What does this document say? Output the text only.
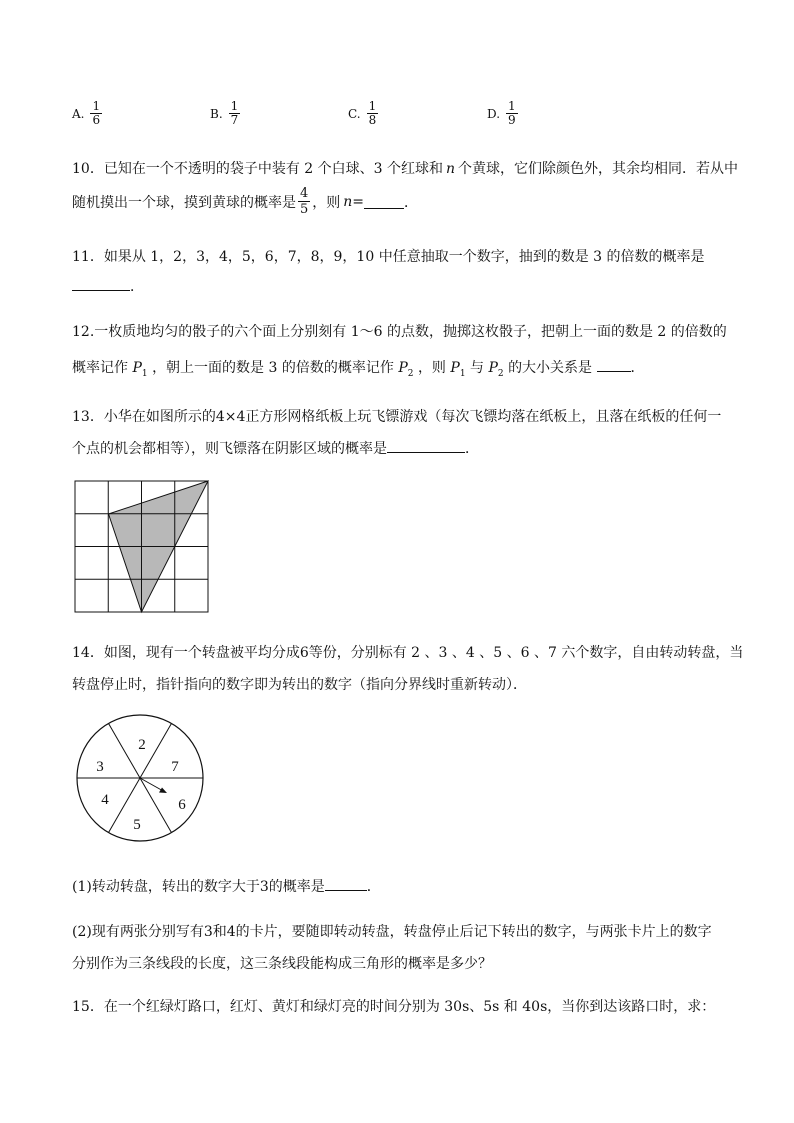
A. $\frac{1}{6}$	B. $\frac{1}{7}$	C. $\frac{1}{8}$	D. $\frac{1}{9}$
10．已知在一个不透明的袋子中装有 2 个白球、3 个红球和 n 个黄球，它们除颜色外，其余均相同．若从中
随机摸出一个球，摸到黄球的概率是 $\frac{4}{5}$ ，则 n=	．
11．如果从 1，2，3，4，5，6，7，8，9，10 中任意抽取一个数字，抽到的数是 3 的倍数的概率是
．
12.一枚质地均匀的骰子的六个面上分别刻有 1～6 的点数，抛掷这枚骰子，把朝上一面的数是 2 的倍数的
概率记作 $P_1$ ，朝上一面的数是 3 的倍数的概率记作 $P_2$ ，则 $P_1$ 与 $P_2$ 的大小关系是	．
13．小华在如图所示的4×4正方形网格纸板上玩飞镖游戏（每次飞镖均落在纸板上，且落在纸板的任何一
个点的机会都相等），则飞镖落在阴影区域的概率是	．
14．如图，现有一个转盘被平均分成6等份，分别标有 2 、3 、4 、5 、6 、7 六个数字，自由转动转盘，当
转盘停止时，指针指向的数字即为转出的数字（指向分界线时重新转动）．
2
7
6
5
4
3
(1)转动转盘，转出的数字大于3的概率是	．
(2)现有两张分别写有3和4的卡片，要随即转动转盘，转盘停止后记下转出的数字，与两张卡片上的数字
分别作为三条线段的长度，这三条线段能构成三角形的概率是多少？
15．在一个红绿灯路口，红灯、黄灯和绿灯亮的时间分别为 30s、5s 和 40s，当你到达该路口时，求：
